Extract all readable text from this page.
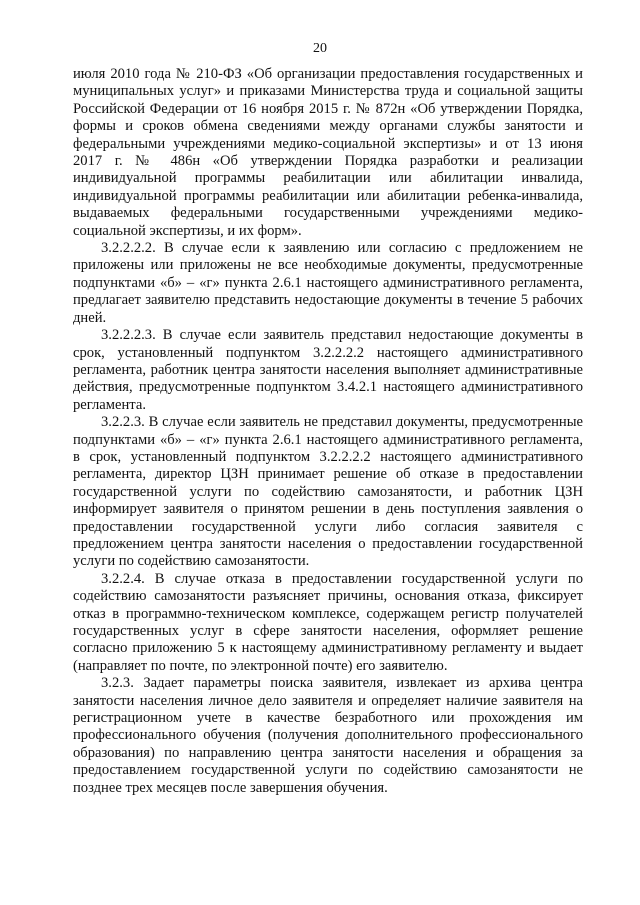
20

июля 2010 года № 210-ФЗ «Об организации предоставления государственных и муниципальных услуг» и приказами Министерства труда и социальной защиты Российской Федерации от 16 ноября 2015 г. № 872н «Об утверждении Порядка, формы и сроков обмена сведениями между органами службы занятости и федеральными учреждениями медико-социальной экспертизы» и от 13 июня 2017 г. № 486н «Об утверждении Порядка разработки и реализации индивидуальной программы реабилитации или абилитации инвалида, индивидуальной программы реабилитации или абилитации ребенка-инвалида, выдаваемых федеральными государственными учреждениями медико-социальной экспертизы, и их форм».

3.2.2.2.2. В случае если к заявлению или согласию с предложением не приложены или приложены не все необходимые документы, предусмотренные подпунктами «б» – «г» пункта 2.6.1 настоящего административного регламента, предлагает заявителю представить недостающие документы в течение 5 рабочих дней.

3.2.2.2.3. В случае если заявитель представил недостающие документы в срок, установленный подпунктом 3.2.2.2.2 настоящего административного регламента, работник центра занятости населения выполняет административные действия, предусмотренные подпунктом 3.4.2.1 настоящего административного регламента.

3.2.2.3. В случае если заявитель не представил документы, предусмотренные подпунктами «б» – «г» пункта 2.6.1 настоящего административного регламента, в срок, установленный подпунктом 3.2.2.2.2 настоящего административного регламента, директор ЦЗН принимает решение об отказе в предоставлении государственной услуги по содействию самозанятости, и работник ЦЗН информирует заявителя о принятом решении в день поступления заявления о предоставлении государственной услуги либо согласия заявителя с предложением центра занятости населения о предоставлении государственной услуги по содействию самозанятости.

3.2.2.4. В случае отказа в предоставлении государственной услуги по содействию самозанятости разъясняет причины, основания отказа, фиксирует отказ в программно-техническом комплексе, содержащем регистр получателей государственных услуг в сфере занятости населения, оформляет решение согласно приложению 5 к настоящему административному регламенту и выдает (направляет по почте, по электронной почте) его заявителю.

3.2.3. Задает параметры поиска заявителя, извлекает из архива центра занятости населения личное дело заявителя и определяет наличие заявителя на регистрационном учете в качестве безработного или прохождения им профессионального обучения (получения дополнительного профессионального образования) по направлению центра занятости населения и обращения за предоставлением государственной услуги по содействию самозанятости не позднее трех месяцев после завершения обучения.
